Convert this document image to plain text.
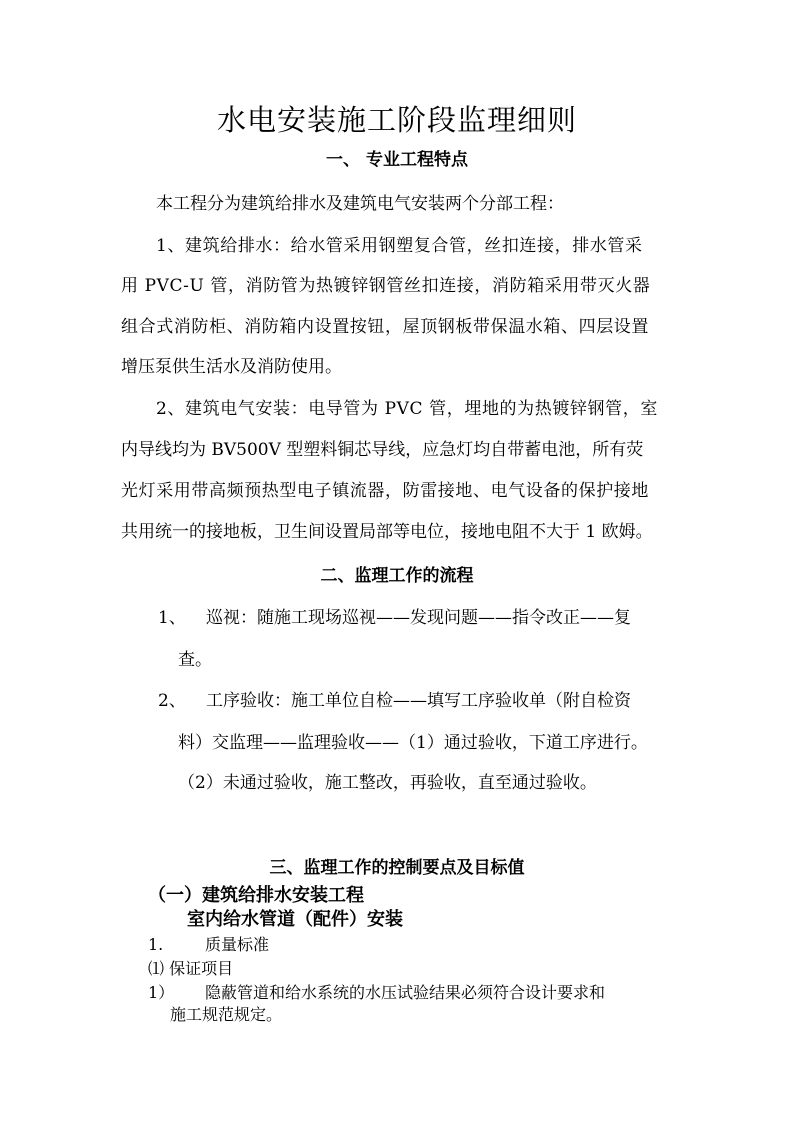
水电安装施工阶段监理细则
一、 专业工程特点
本工程分为建筑给排水及建筑电气安装两个分部工程：
1、建筑给排水：给水管采用钢塑复合管，丝扣连接，排水管采
用 PVC-U 管，消防管为热镀锌钢管丝扣连接，消防箱采用带灭火器
组合式消防柜、消防箱内设置按钮，屋顶钢板带保温水箱、四层设置
增压泵供生活水及消防使用。
2、建筑电气安装：电导管为 PVC 管，埋地的为热镀锌钢管，室
内导线均为 BV500V 型塑料铜芯导线，应急灯均自带蓄电池，所有荧
光灯采用带高频预热型电子镇流器，防雷接地、电气设备的保护接地
共用统一的接地板，卫生间设置局部等电位，接地电阻不大于 1 欧姆。
二、监理工作的流程
1、 巡视：随施工现场巡视——发现问题——指令改正——复
查。
2、 工序验收：施工单位自检——填写工序验收单（附自检资
料）交监理——监理验收——（1）通过验收，下道工序进行。
（2）未通过验收，施工整改，再验收，直至通过验收。
三、监理工作的控制要点及目标值
（一）建筑给排水安装工程
室内给水管道（配件）安装
1.	质量标准
⑴ 保证项目
1） 隐蔽管道和给水系统的水压试验结果必须符合设计要求和
施工规范规定。
